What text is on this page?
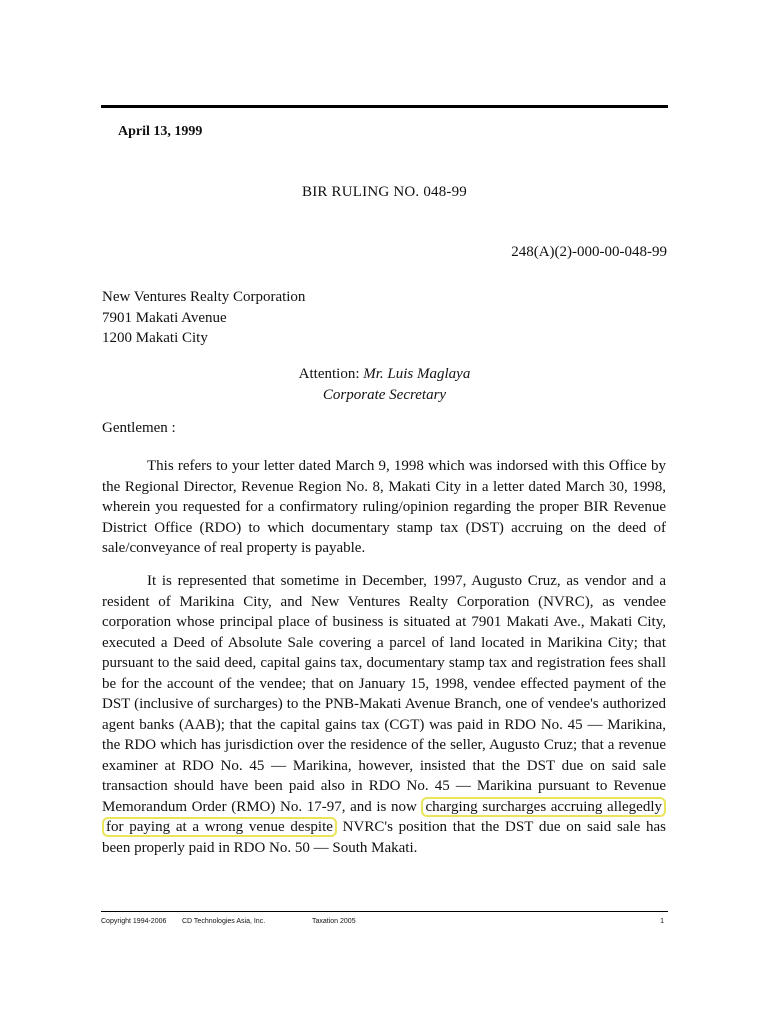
April 13, 1999
BIR RULING NO. 048-99
248(A)(2)-000-00-048-99
New Ventures Realty Corporation
7901 Makati Avenue
1200 Makati City
Attention: Mr. Luis Maglaya
Corporate Secretary
Gentlemen :

This refers to your letter dated March 9, 1998 which was indorsed with this Office by the Regional Director, Revenue Region No. 8, Makati City in a letter dated March 30, 1998, wherein you requested for a confirmatory ruling/opinion regarding the proper BIR Revenue District Office (RDO) to which documentary stamp tax (DST) accruing on the deed of sale/conveyance of real property is payable.

It is represented that sometime in December, 1997, Augusto Cruz, as vendor and a resident of Marikina City, and New Ventures Realty Corporation (NVRC), as vendee corporation whose principal place of business is situated at 7901 Makati Ave., Makati City, executed a Deed of Absolute Sale covering a parcel of land located in Marikina City; that pursuant to the said deed, capital gains tax, documentary stamp tax and registration fees shall be for the account of the vendee; that on January 15, 1998, vendee effected payment of the DST (inclusive of surcharges) to the PNB-Makati Avenue Branch, one of vendee's authorized agent banks (AAB); that the capital gains tax (CGT) was paid in RDO No. 45 — Marikina, the RDO which has jurisdiction over the residence of the seller, Augusto Cruz; that a revenue examiner at RDO No. 45 — Marikina, however, insisted that the DST due on said sale transaction should have been paid also in RDO No. 45 — Marikina pursuant to Revenue Memorandum Order (RMO) No. 17-97, and is now charging surcharges accruing allegedly for paying at a wrong venue despite NVRC's position that the DST due on said sale has been properly paid in RDO No. 50 — South Makati.

Copyright 1994-2006 CD Technologies Asia, Inc.	Taxation 2005	1
